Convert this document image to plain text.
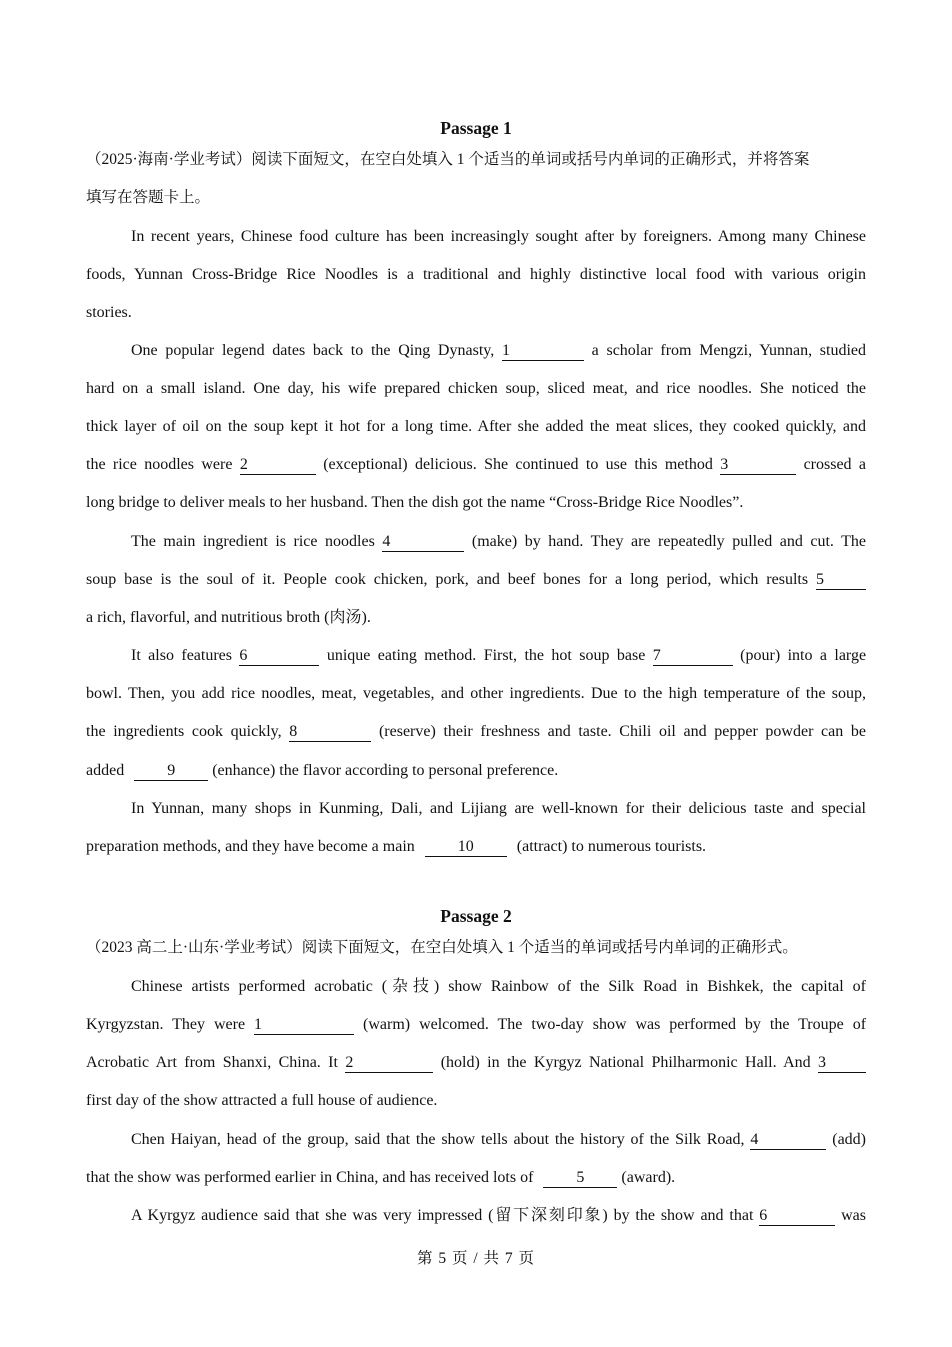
Passage 1
（2025·海南·学业考试）阅读下面短文，在空白处填入 1 个适当的单词或括号内单词的正确形式，并将答案
填写在答题卡上。
In recent years, Chinese food culture has been increasingly sought after by foreigners. Among many Chinese
foods, Yunnan Cross-Bridge Rice Noodles is a traditional and highly distinctive local food with various origin
stories.
One popular legend dates back to the Qing Dynasty, 1	a scholar from Mengzi, Yunnan, studied
hard on a small island. One day, his wife prepared chicken soup, sliced meat, and rice noodles. She noticed the
thick layer of oil on the soup kept it hot for a long time. After she added the meat slices, they cooked quickly, and
the rice noodles were 2	(exceptional) delicious. She continued to use this method 3	crossed a
long bridge to deliver meals to her husband. Then the dish got the name “Cross-Bridge Rice Noodles”.
The main ingredient is rice noodles 4	(make) by hand. They are repeatedly pulled and cut. The
soup base is the soul of it. People cook chicken, pork, and beef bones for a long period, which results 5
a rich, flavorful, and nutritious broth (肉汤).
It also features 6	unique eating method. First, the hot soup base 7	(pour) into a large
bowl. Then, you add rice noodles, meat, vegetables, and other ingredients. Due to the high temperature of the soup,
the ingredients cook quickly, 8	(reserve) their freshness and taste. Chili oil and pepper powder can be
added	9 (enhance) the flavor according to personal preference.
In Yunnan, many shops in Kunming, Dali, and Lijiang are well-known for their delicious taste and special
preparation methods, and they have become a main	10	(attract) to numerous tourists.
Passage 2
（2023 高二上·山东·学业考试）阅读下面短文，在空白处填入 1 个适当的单词或括号内单词的正确形式。
Chinese artists performed acrobatic (杂技) show Rainbow of the Silk Road in Bishkek, the capital of
Kyrgyzstan. They were 1	(warm) welcomed. The two-day show was performed by the Troupe of
Acrobatic Art from Shanxi, China. It 2	(hold) in the Kyrgyz National Philharmonic Hall. And 3
first day of the show attracted a full house of audience.
Chen Haiyan, head of the group, said that the show tells about the history of the Silk Road, 4	(add)
that the show was performed earlier in China, and has received lots of	5 (award).
A Kyrgyz audience said that she was very impressed (留下深刻印象) by the show and that 6	was
第 5 页 / 共 7 页
